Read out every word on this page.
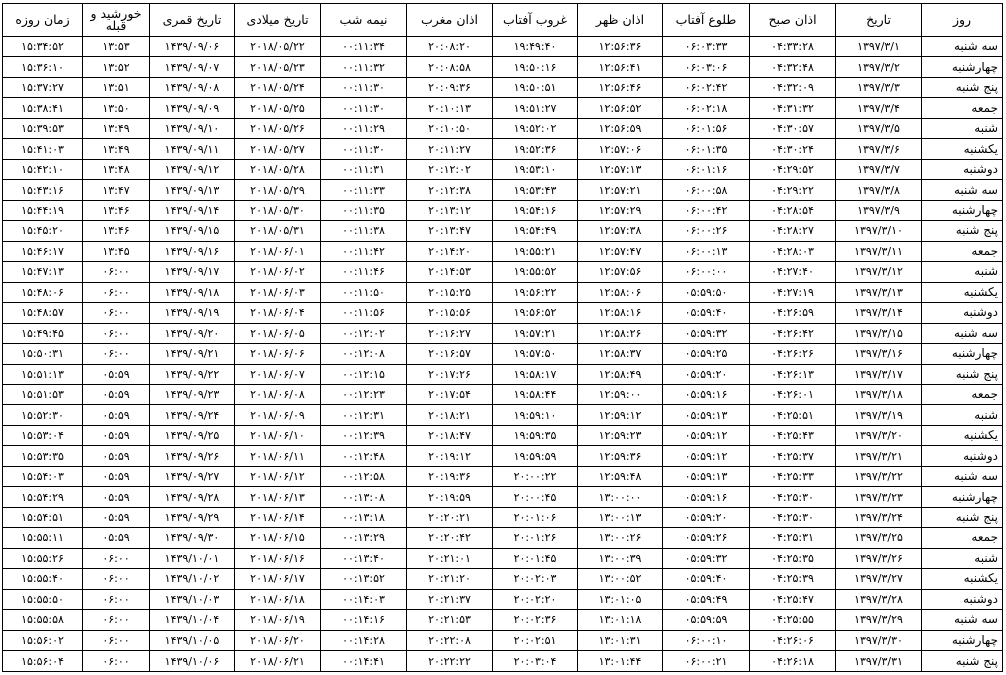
روز	تاریخ	اذان صبح	طلوع آفتاب	اذان ظهر	غروب آفتاب	اذان مغرب	نیمه شب	تاریخ میلادی	تاریخ قمری	خورشید و قبله	زمان روزه
سه شنبه	۱۳۹۷/۳/۱	۰۴:۳۳:۲۸	۰۶:۰۳:۳۳	۱۲:۵۶:۳۶	۱۹:۴۹:۴۰	۲۰:۰۸:۲۰	۰۰:۱۱:۳۴	۲۰۱۸/۰۵/۲۲	۱۴۳۹/۰۹/۰۶	۱۳:۵۳	۱۵:۳۴:۵۲
چهارشنبه	۱۳۹۷/۳/۲	۰۴:۳۲:۴۸	۰۶:۰۳:۰۶	۱۲:۵۶:۴۱	۱۹:۵۰:۱۶	۲۰:۰۸:۵۸	۰۰:۱۱:۳۲	۲۰۱۸/۰۵/۲۳	۱۴۳۹/۰۹/۰۷	۱۳:۵۲	۱۵:۳۶:۱۰
پنج شنبه	۱۳۹۷/۳/۳	۰۴:۳۲:۰۹	۰۶:۰۲:۴۲	۱۲:۵۶:۴۶	۱۹:۵۰:۵۱	۲۰:۰۹:۳۶	۰۰:۱۱:۳۰	۲۰۱۸/۰۵/۲۴	۱۴۳۹/۰۹/۰۸	۱۳:۵۱	۱۵:۳۷:۲۷
جمعه	۱۳۹۷/۳/۴	۰۴:۳۱:۳۲	۰۶:۰۲:۱۸	۱۲:۵۶:۵۲	۱۹:۵۱:۲۷	۲۰:۱۰:۱۳	۰۰:۱۱:۳۰	۲۰۱۸/۰۵/۲۵	۱۴۳۹/۰۹/۰۹	۱۳:۵۰	۱۵:۳۸:۴۱
شنبه	۱۳۹۷/۳/۵	۰۴:۳۰:۵۷	۰۶:۰۱:۵۶	۱۲:۵۶:۵۹	۱۹:۵۲:۰۲	۲۰:۱۰:۵۰	۰۰:۱۱:۲۹	۲۰۱۸/۰۵/۲۶	۱۴۳۹/۰۹/۱۰	۱۳:۴۹	۱۵:۳۹:۵۳
یکشنبه	۱۳۹۷/۳/۶	۰۴:۳۰:۲۴	۰۶:۰۱:۳۵	۱۲:۵۷:۰۶	۱۹:۵۲:۳۶	۲۰:۱۱:۲۷	۰۰:۱۱:۳۰	۲۰۱۸/۰۵/۲۷	۱۴۳۹/۰۹/۱۱	۱۳:۴۹	۱۵:۴۱:۰۳
دوشنبه	۱۳۹۷/۳/۷	۰۴:۲۹:۵۲	۰۶:۰۱:۱۶	۱۲:۵۷:۱۳	۱۹:۵۳:۱۰	۲۰:۱۲:۰۲	۰۰:۱۱:۳۱	۲۰۱۸/۰۵/۲۸	۱۴۳۹/۰۹/۱۲	۱۳:۴۸	۱۵:۴۲:۱۰
سه شنبه	۱۳۹۷/۳/۸	۰۴:۲۹:۲۲	۰۶:۰۰:۵۸	۱۲:۵۷:۲۱	۱۹:۵۳:۴۳	۲۰:۱۲:۳۸	۰۰:۱۱:۳۳	۲۰۱۸/۰۵/۲۹	۱۴۳۹/۰۹/۱۳	۱۳:۴۷	۱۵:۴۳:۱۶
چهارشنبه	۱۳۹۷/۳/۹	۰۴:۲۸:۵۴	۰۶:۰۰:۴۲	۱۲:۵۷:۲۹	۱۹:۵۴:۱۶	۲۰:۱۳:۱۲	۰۰:۱۱:۳۵	۲۰۱۸/۰۵/۳۰	۱۴۳۹/۰۹/۱۴	۱۳:۴۶	۱۵:۴۴:۱۹
پنج شنبه	۱۳۹۷/۳/۱۰	۰۴:۲۸:۲۷	۰۶:۰۰:۲۶	۱۲:۵۷:۳۸	۱۹:۵۴:۴۹	۲۰:۱۳:۴۷	۰۰:۱۱:۳۸	۲۰۱۸/۰۵/۳۱	۱۴۳۹/۰۹/۱۵	۱۳:۴۶	۱۵:۴۵:۲۰
جمعه	۱۳۹۷/۳/۱۱	۰۴:۲۸:۰۳	۰۶:۰۰:۱۳	۱۲:۵۷:۴۷	۱۹:۵۵:۲۱	۲۰:۱۴:۲۰	۰۰:۱۱:۴۲	۲۰۱۸/۰۶/۰۱	۱۴۳۹/۰۹/۱۶	۱۳:۴۵	۱۵:۴۶:۱۷
شنبه	۱۳۹۷/۳/۱۲	۰۴:۲۷:۴۰	۰۶:۰۰:۰۰	۱۲:۵۷:۵۶	۱۹:۵۵:۵۲	۲۰:۱۴:۵۳	۰۰:۱۱:۴۶	۲۰۱۸/۰۶/۰۲	۱۴۳۹/۰۹/۱۷	۰۶:۰۰	۱۵:۴۷:۱۳
یکشنبه	۱۳۹۷/۳/۱۳	۰۴:۲۷:۱۹	۰۵:۵۹:۵۰	۱۲:۵۸:۰۶	۱۹:۵۶:۲۲	۲۰:۱۵:۲۵	۰۰:۱۱:۵۰	۲۰۱۸/۰۶/۰۳	۱۴۳۹/۰۹/۱۸	۰۶:۰۰	۱۵:۴۸:۰۶
دوشنبه	۱۳۹۷/۳/۱۴	۰۴:۲۶:۵۹	۰۵:۵۹:۴۰	۱۲:۵۸:۱۶	۱۹:۵۶:۵۲	۲۰:۱۵:۵۶	۰۰:۱۱:۵۶	۲۰۱۸/۰۶/۰۴	۱۴۳۹/۰۹/۱۹	۰۶:۰۰	۱۵:۴۸:۵۷
سه شنبه	۱۳۹۷/۳/۱۵	۰۴:۲۶:۴۲	۰۵:۵۹:۳۲	۱۲:۵۸:۲۶	۱۹:۵۷:۲۱	۲۰:۱۶:۲۷	۰۰:۱۲:۰۲	۲۰۱۸/۰۶/۰۵	۱۴۳۹/۰۹/۲۰	۰۶:۰۰	۱۵:۴۹:۴۵
چهارشنبه	۱۳۹۷/۳/۱۶	۰۴:۲۶:۲۶	۰۵:۵۹:۲۵	۱۲:۵۸:۳۷	۱۹:۵۷:۵۰	۲۰:۱۶:۵۷	۰۰:۱۲:۰۸	۲۰۱۸/۰۶/۰۶	۱۴۳۹/۰۹/۲۱	۰۶:۰۰	۱۵:۵۰:۳۱
پنج شنبه	۱۳۹۷/۳/۱۷	۰۴:۲۶:۱۳	۰۵:۵۹:۲۰	۱۲:۵۸:۴۹	۱۹:۵۸:۱۷	۲۰:۱۷:۲۶	۰۰:۱۲:۱۵	۲۰۱۸/۰۶/۰۷	۱۴۳۹/۰۹/۲۲	۰۵:۵۹	۱۵:۵۱:۱۳
جمعه	۱۳۹۷/۳/۱۸	۰۴:۲۶:۰۱	۰۵:۵۹:۱۶	۱۲:۵۹:۰۰	۱۹:۵۸:۴۴	۲۰:۱۷:۵۴	۰۰:۱۲:۲۳	۲۰۱۸/۰۶/۰۸	۱۴۳۹/۰۹/۲۳	۰۵:۵۹	۱۵:۵۱:۵۳
شنبه	۱۳۹۷/۳/۱۹	۰۴:۲۵:۵۱	۰۵:۵۹:۱۳	۱۲:۵۹:۱۲	۱۹:۵۹:۱۰	۲۰:۱۸:۲۱	۰۰:۱۲:۳۱	۲۰۱۸/۰۶/۰۹	۱۴۳۹/۰۹/۲۴	۰۵:۵۹	۱۵:۵۲:۳۰
یکشنبه	۱۳۹۷/۳/۲۰	۰۴:۲۵:۴۳	۰۵:۵۹:۱۲	۱۲:۵۹:۲۳	۱۹:۵۹:۳۵	۲۰:۱۸:۴۷	۰۰:۱۲:۳۹	۲۰۱۸/۰۶/۱۰	۱۴۳۹/۰۹/۲۵	۰۵:۵۹	۱۵:۵۳:۰۴
دوشنبه	۱۳۹۷/۳/۲۱	۰۴:۲۵:۳۷	۰۵:۵۹:۱۲	۱۲:۵۹:۳۶	۱۹:۵۹:۵۹	۲۰:۱۹:۱۲	۰۰:۱۲:۴۸	۲۰۱۸/۰۶/۱۱	۱۴۳۹/۰۹/۲۶	۰۵:۵۹	۱۵:۵۳:۳۵
سه شنبه	۱۳۹۷/۳/۲۲	۰۴:۲۵:۳۳	۰۵:۵۹:۱۳	۱۲:۵۹:۴۸	۲۰:۰۰:۲۲	۲۰:۱۹:۳۶	۰۰:۱۲:۵۸	۲۰۱۸/۰۶/۱۲	۱۴۳۹/۰۹/۲۷	۰۵:۵۹	۱۵:۵۴:۰۳
چهارشنبه	۱۳۹۷/۳/۲۳	۰۴:۲۵:۳۰	۰۵:۵۹:۱۶	۱۳:۰۰:۰۰	۲۰:۰۰:۴۵	۲۰:۱۹:۵۹	۰۰:۱۳:۰۸	۲۰۱۸/۰۶/۱۳	۱۴۳۹/۰۹/۲۸	۰۵:۵۹	۱۵:۵۴:۲۹
پنج شنبه	۱۳۹۷/۳/۲۴	۰۴:۲۵:۳۰	۰۵:۵۹:۲۰	۱۳:۰۰:۱۳	۲۰:۰۱:۰۶	۲۰:۲۰:۲۱	۰۰:۱۳:۱۸	۲۰۱۸/۰۶/۱۴	۱۴۳۹/۰۹/۲۹	۰۵:۵۹	۱۵:۵۴:۵۱
جمعه	۱۳۹۷/۳/۲۵	۰۴:۲۵:۳۱	۰۵:۵۹:۲۶	۱۳:۰۰:۲۶	۲۰:۰۱:۲۶	۲۰:۲۰:۴۲	۰۰:۱۳:۲۹	۲۰۱۸/۰۶/۱۵	۱۴۳۹/۰۹/۳۰	۰۵:۵۹	۱۵:۵۵:۱۱
شنبه	۱۳۹۷/۳/۲۶	۰۴:۲۵:۳۵	۰۵:۵۹:۳۲	۱۳:۰۰:۳۹	۲۰:۰۱:۴۵	۲۰:۲۱:۰۱	۰۰:۱۳:۴۰	۲۰۱۸/۰۶/۱۶	۱۴۳۹/۱۰/۰۱	۰۶:۰۰	۱۵:۵۵:۲۶
یکشنبه	۱۳۹۷/۳/۲۷	۰۴:۲۵:۳۹	۰۵:۵۹:۴۰	۱۳:۰۰:۵۲	۲۰:۰۲:۰۳	۲۰:۲۱:۲۰	۰۰:۱۳:۵۲	۲۰۱۸/۰۶/۱۷	۱۴۳۹/۱۰/۰۲	۰۶:۰۰	۱۵:۵۵:۴۰
دوشنبه	۱۳۹۷/۳/۲۸	۰۴:۲۵:۴۷	۰۵:۵۹:۴۹	۱۳:۰۱:۰۵	۲۰:۰۲:۲۰	۲۰:۲۱:۳۷	۰۰:۱۴:۰۳	۲۰۱۸/۰۶/۱۸	۱۴۳۹/۱۰/۰۳	۰۶:۰۰	۱۵:۵۵:۵۰
سه شنبه	۱۳۹۷/۳/۲۹	۰۴:۲۵:۵۵	۰۵:۵۹:۵۹	۱۳:۰۱:۱۸	۲۰:۰۲:۳۶	۲۰:۲۱:۵۳	۰۰:۱۴:۱۶	۲۰۱۸/۰۶/۱۹	۱۴۳۹/۱۰/۰۴	۰۶:۰۰	۱۵:۵۵:۵۸
چهارشنبه	۱۳۹۷/۳/۳۰	۰۴:۲۶:۰۶	۰۶:۰۰:۱۰	۱۳:۰۱:۳۱	۲۰:۰۲:۵۱	۲۰:۲۲:۰۸	۰۰:۱۴:۲۸	۲۰۱۸/۰۶/۲۰	۱۴۳۹/۱۰/۰۵	۰۶:۰۰	۱۵:۵۶:۰۲
پنج شنبه	۱۳۹۷/۳/۳۱	۰۴:۲۶:۱۸	۰۶:۰۰:۲۱	۱۳:۰۱:۴۴	۲۰:۰۳:۰۴	۲۰:۲۲:۲۲	۰۰:۱۴:۴۱	۲۰۱۸/۰۶/۲۱	۱۴۳۹/۱۰/۰۶	۰۶:۰۰	۱۵:۵۶:۰۴
